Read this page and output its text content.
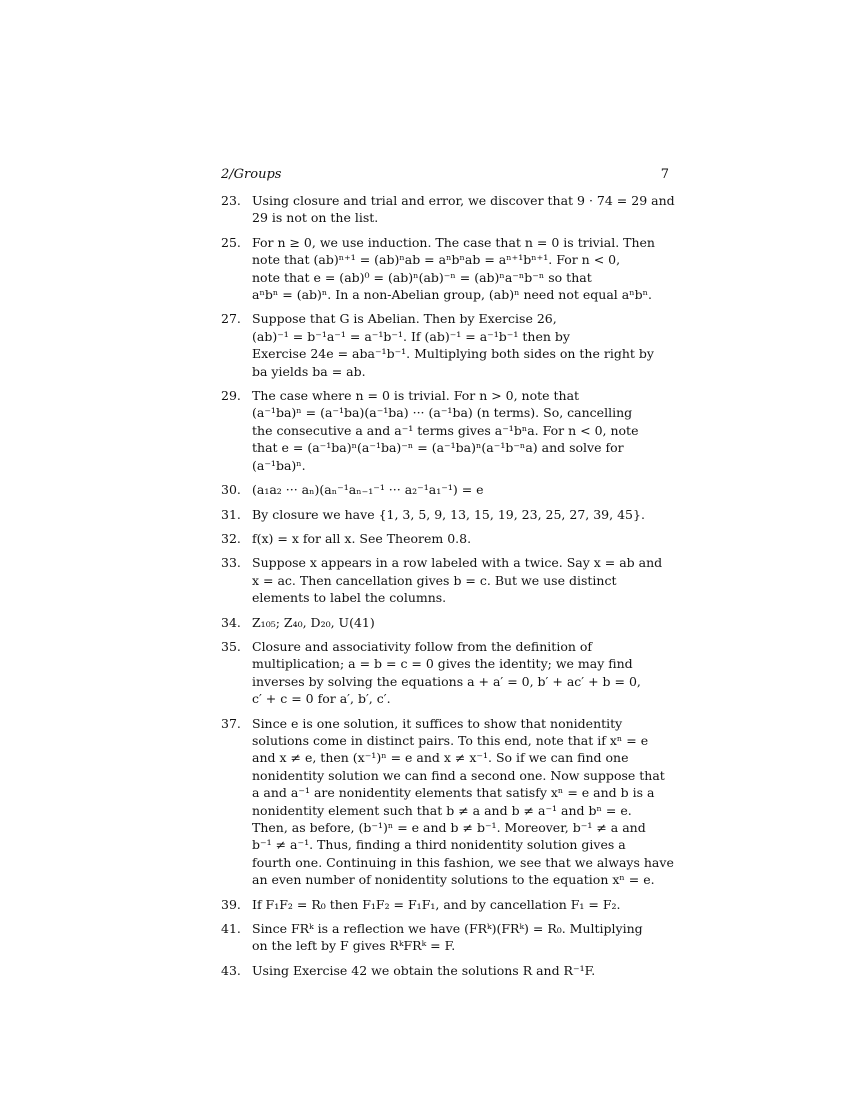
2/Groups	7
23. Using closure and trial and error, we discover that 9 · 74 = 29 and
29 is not on the list.
25. For n ≥ 0, we use induction. The case that n = 0 is trivial. Then
note that (ab)ⁿ⁺¹ = (ab)ⁿab = aⁿbⁿab = aⁿ⁺¹bⁿ⁺¹. For n < 0,
note that e = (ab)⁰ = (ab)ⁿ(ab)⁻ⁿ = (ab)ⁿa⁻ⁿb⁻ⁿ so that
aⁿbⁿ = (ab)ⁿ. In a non-Abelian group, (ab)ⁿ need not equal aⁿbⁿ.
27. Suppose that G is Abelian. Then by Exercise 26,
(ab)⁻¹ = b⁻¹a⁻¹ = a⁻¹b⁻¹. If (ab)⁻¹ = a⁻¹b⁻¹ then by
Exercise 24e = aba⁻¹b⁻¹. Multiplying both sides on the right by
ba yields ba = ab.
29. The case where n = 0 is trivial. For n > 0, note that
(a⁻¹ba)ⁿ = (a⁻¹ba)(a⁻¹ba) ··· (a⁻¹ba) (n terms). So, cancelling
the consecutive a and a⁻¹ terms gives a⁻¹bⁿa. For n < 0, note
that e = (a⁻¹ba)ⁿ(a⁻¹ba)⁻ⁿ = (a⁻¹ba)ⁿ(a⁻¹b⁻ⁿa) and solve for
(a⁻¹ba)ⁿ.
30. (a₁a₂ ··· aₙ)(aₙ⁻¹aₙ₋₁⁻¹ ··· a₂⁻¹a₁⁻¹) = e
31. By closure we have {1, 3, 5, 9, 13, 15, 19, 23, 25, 27, 39, 45}.
32. f(x) = x for all x. See Theorem 0.8.
33. Suppose x appears in a row labeled with a twice. Say x = ab and
x = ac. Then cancellation gives b = c. But we use distinct
elements to label the columns.
34. Z₁₀₅; Z₄₀, D₂₀, U(41)
35. Closure and associativity follow from the definition of
multiplication; a = b = c = 0 gives the identity; we may find
inverses by solving the equations a + a′ = 0, b′ + ac′ + b = 0,
c′ + c = 0 for a′, b′, c′.
37. Since e is one solution, it suffices to show that nonidentity
solutions come in distinct pairs. To this end, note that if xⁿ = e
and x ≠ e, then (x⁻¹)ⁿ = e and x ≠ x⁻¹. So if we can find one
nonidentity solution we can find a second one. Now suppose that
a and a⁻¹ are nonidentity elements that satisfy xⁿ = e and b is a
nonidentity element such that b ≠ a and b ≠ a⁻¹ and bⁿ = e.
Then, as before, (b⁻¹)ⁿ = e and b ≠ b⁻¹. Moreover, b⁻¹ ≠ a and
b⁻¹ ≠ a⁻¹. Thus, finding a third nonidentity solution gives a
fourth one. Continuing in this fashion, we see that we always have
an even number of nonidentity solutions to the equation xⁿ = e.
39. If F₁F₂ = R₀ then F₁F₂ = F₁F₁, and by cancellation F₁ = F₂.
41. Since FRᵏ is a reflection we have (FRᵏ)(FRᵏ) = R₀. Multiplying
on the left by F gives RᵏFRᵏ = F.
43. Using Exercise 42 we obtain the solutions R and R⁻¹F.
